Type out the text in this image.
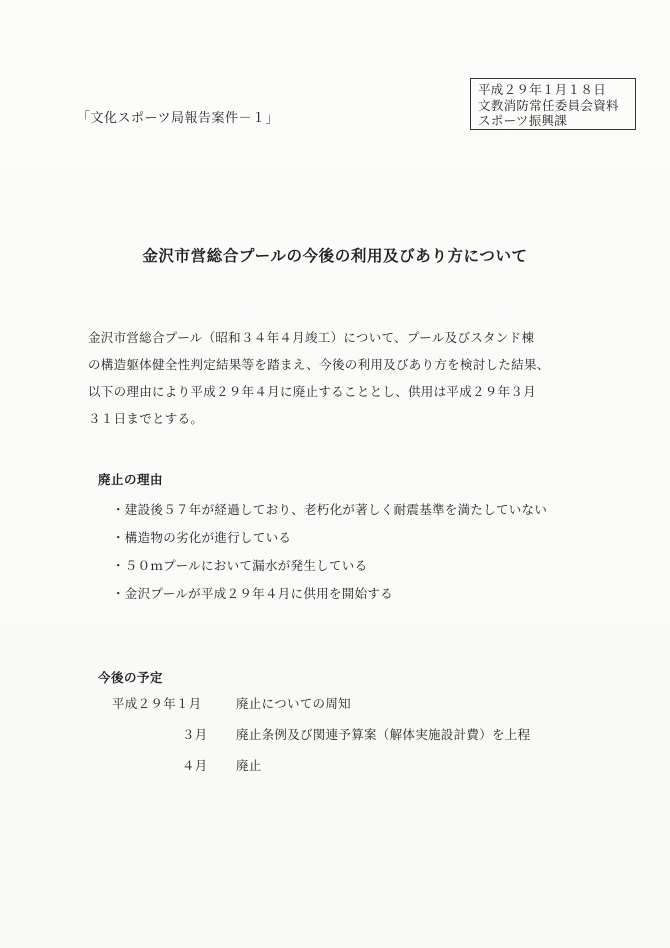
「文化スポーツ局報告案件－１」
平成２９年１月１８日
文教消防常任委員会資料
スポーツ振興課
金沢市営総合プールの今後の利用及びあり方について
金沢市営総合プール（昭和３４年４月竣工）について、プール及びスタンド棟
の構造躯体健全性判定結果等を踏まえ、今後の利用及びあり方を検討した結果、
以下の理由により平成２９年４月に廃止することとし、供用は平成２９年３月
３１日までとする。
廃止の理由
・建設後５７年が経過しており、老朽化が著しく耐震基準を満たしていない
・構造物の劣化が進行している
・５０ｍプールにおいて漏水が発生している
・金沢プールが平成２９年４月に供用を開始する
今後の予定
平成２９年１月	廃止についての周知
３月	廃止条例及び関連予算案（解体実施設計費）を上程
４月	廃止
